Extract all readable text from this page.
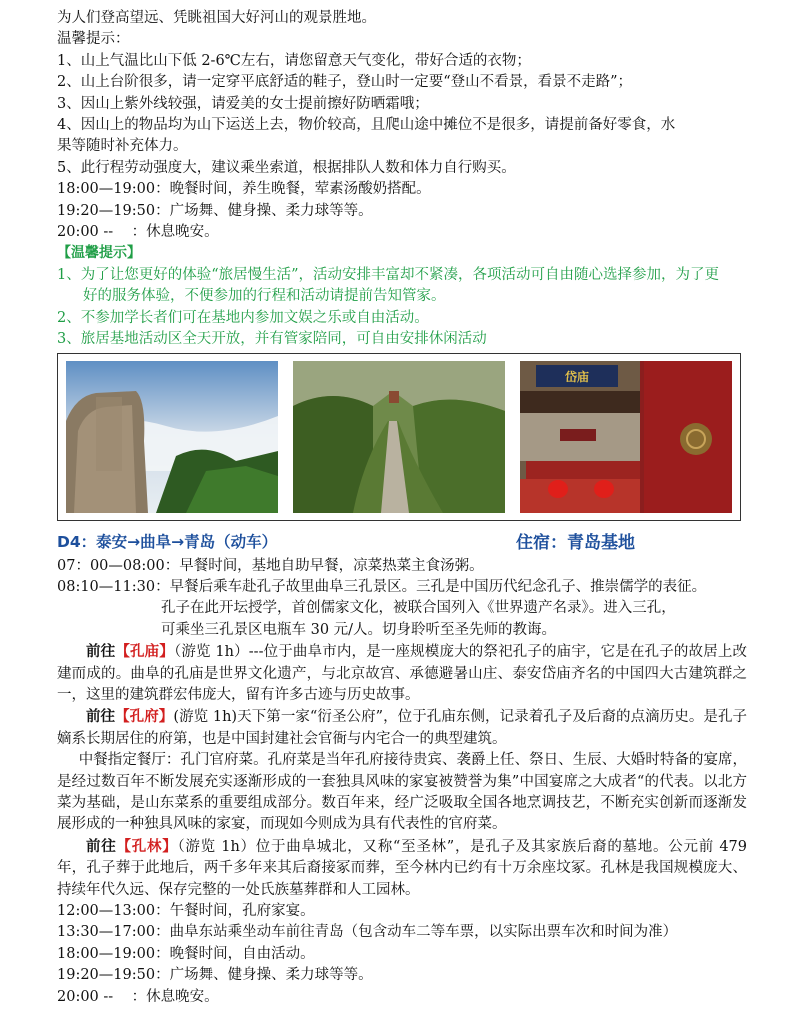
为人们登高望远、凭眺祖国大好河山的观景胜地。
温馨提示：
1、山上气温比山下低 2-6℃左右，请您留意天气变化，带好合适的衣物；
2、山上台阶很多，请一定穿平底舒适的鞋子，登山时一定要“登山不看景，看景不走路”；
3、因山上紫外线较强，请爱美的女士提前擦好防晒霜哦；
4、因山上的物品均为山下运送上去，物价较高，且爬山途中摊位不是很多，请提前备好零食，水
果等随时补充体力。
5、此行程劳动强度大，建议乘坐索道，根据排队人数和体力自行购买。
18:00—19:00：晚餐时间，养生晚餐，荤素汤酸奶搭配。
19:20—19:50：广场舞、健身操、柔力球等等。
20:00 --    ：休息晚安。
【温馨提示】
1、为了让您更好的体验“旅居慢生活”，活动安排丰富却不紧凑，各项活动可自由随心选择参加，为了更
好的服务体验，不便参加的行程和活动请提前告知管家。
2、不参加学长者们可在基地内参加文娱之乐或自由活动。
3、旅居基地活动区全天开放，并有管家陪同，可自由安排休闲活动
岱庙
D4：泰安→曲阜→青岛（动车）	住宿：青岛基地
07：00—08:00：早餐时间，基地自助早餐，凉菜热菜主食汤粥。
08:10—11:30：早餐后乘车赴孔子故里曲阜三孔景区。三孔是中国历代纪念孔子、推崇儒学的表征。
孔子在此开坛授学，首创儒家文化，被联合国列入《世界遗产名录》。进入三孔，
可乘坐三孔景区电瓶车 30 元/人。切身聆听至圣先师的教诲。
前往【孔庙】（游览 1h）---位于曲阜市内，是一座规模庞大的祭祀孔子的庙宇，它是在孔子的故居上改建而成的。曲阜的孔庙是世界文化遗产，与北京故宫、承德避暑山庄、泰安岱庙齐名的中国四大古建筑群之一，这里的建筑群宏伟庞大，留有许多古迹与历史故事。
前往【孔府】(游览 1h)天下第一家“衍圣公府”，位于孔庙东侧，记录着孔子及后裔的点滴历史。是孔子嫡系长期居住的府第，也是中国封建社会官衙与内宅合一的典型建筑。
中餐指定餐厅：孔门官府菜。孔府菜是当年孔府接待贵宾、袭爵上任、祭日、生辰、大婚时特备的宴席，是经过数百年不断发展充实逐渐形成的一套独具风味的家宴被赞誉为集”中国宴席之大成者“的代表。以北方菜为基础，是山东菜系的重要组成部分。数百年来，经广泛吸取全国各地烹调技艺，不断充实创新而逐渐发展形成的一种独具风味的家宴，而现如今则成为具有代表性的官府菜。
前往【孔林】（游览 1h）位于曲阜城北，又称“至圣林”，是孔子及其家族后裔的墓地。公元前 479 年，孔子葬于此地后，两千多年来其后裔接冢而葬，至今林内已约有十万余座坟冢。孔林是我国规模庞大、持续年代久远、保存完整的一处氏族墓葬群和人工园林。
12:00—13:00：午餐时间，孔府家宴。
13:30—17:00：曲阜东站乘坐动车前往青岛（包含动车二等车票，以实际出票车次和时间为准）
18:00—19:00：晚餐时间，自由活动。
19:20—19:50：广场舞、健身操、柔力球等等。
20:00 --    ：休息晚安。
